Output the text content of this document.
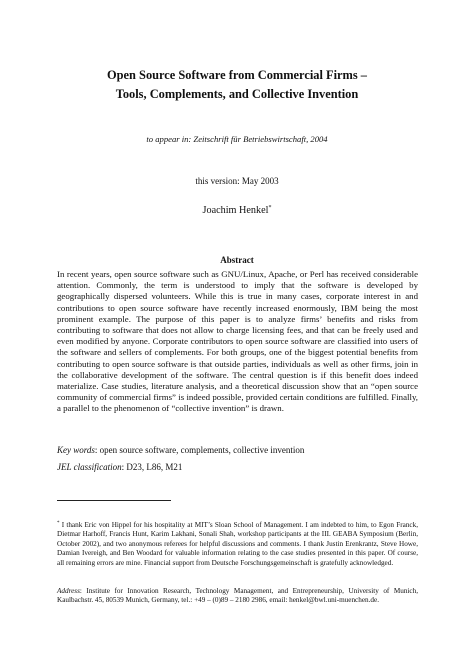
Open Source Software from Commercial Firms –
Tools, Complements, and Collective Invention
to appear in: Zeitschrift für Betriebswirtschaft, 2004
this version: May 2003
Joachim Henkel*
Abstract
In recent years, open source software such as GNU/Linux, Apache, or Perl has received considerable attention. Commonly, the term is understood to imply that the software is developed by geographically dispersed volunteers. While this is true in many cases, corporate interest in and contributions to open source software have recently increased enormously, IBM being the most prominent example. The purpose of this paper is to analyze firms’ benefits and risks from contributing to software that does not allow to charge licensing fees, and that can be freely used and even modified by anyone. Corporate contributors to open source software are classified into users of the software and sellers of complements. For both groups, one of the biggest potential benefits from contributing to open source software is that outside parties, individuals as well as other firms, join in the collaborative development of the software. The central question is if this benefit does indeed materialize. Case studies, literature analysis, and a theoretical discussion show that an “open source community of commercial firms” is indeed possible, provided certain conditions are fulfilled. Finally, a parallel to the phenomenon of “collective invention” is drawn.
Key words: open source software, complements, collective invention
JEL classification: D23, L86, M21
* I thank Eric von Hippel for his hospitality at MIT’s Sloan School of Management. I am indebted to him, to Egon Franck, Dietmar Harhoff, Francis Hunt, Karim Lakhani, Sonali Shah, workshop participants at the III. GEABA Symposium (Berlin, October 2002), and two anonymous referees for helpful discussions and comments. I thank Justin Erenkrantz, Steve Howe, Damian Ivereigh, and Ben Woodard for valuable information relating to the case studies presented in this paper. Of course, all remaining errors are mine. Financial support from Deutsche Forschungsgemeinschaft is gratefully acknowledged.
Address: Institute for Innovation Research, Technology Management, and Entrepreneurship, University of Munich, Kaulbachstr. 45, 80539 Munich, Germany, tel.: +49 – (0)89 – 2180 2986, email: henkel@bwl.uni-muenchen.de.
